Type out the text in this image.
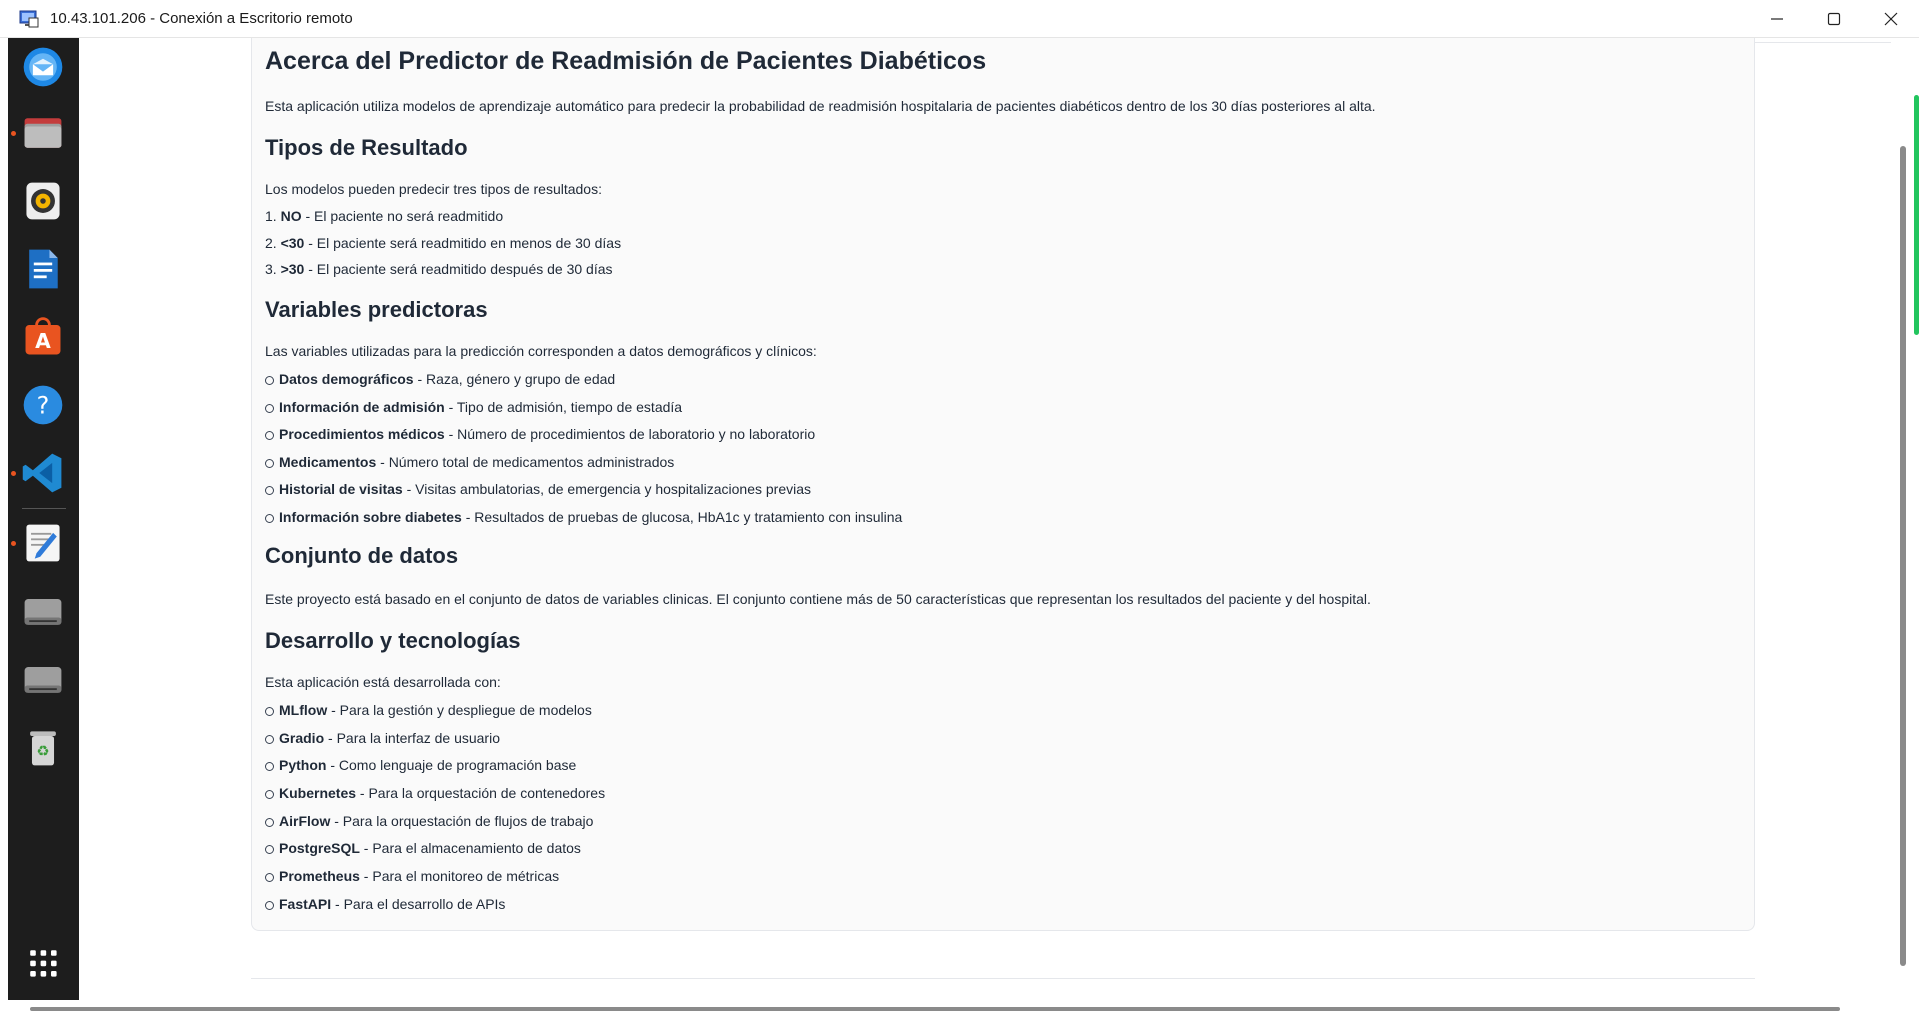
10.43.101.206 - Conexión a Escritorio remoto
A
?
♻
Acerca del Predictor de Readmisión de Pacientes Diabéticos

Esta aplicación utiliza modelos de aprendizaje automático para predecir la probabilidad de readmisión hospitalaria de pacientes diabéticos dentro de los 30 días posteriores al alta.

Tipos de Resultado

Los modelos pueden predecir tres tipos de resultados:

1. NO - El paciente no será readmitido
2. <30 - El paciente será readmitido en menos de 30 días
3. >30 - El paciente será readmitido después de 30 días
Variables predictoras

Las variables utilizadas para la predicción corresponden a datos demográficos y clínicos:

Datos demográficos - Raza, género y grupo de edad
Información de admisión - Tipo de admisión, tiempo de estadía
Procedimientos médicos - Número de procedimientos de laboratorio y no laboratorio
Medicamentos - Número total de medicamentos administrados
Historial de visitas - Visitas ambulatorias, de emergencia y hospitalizaciones previas
Información sobre diabetes - Resultados de pruebas de glucosa, HbA1c y tratamiento con insulina
Conjunto de datos

Este proyecto está basado en el conjunto de datos de variables clinicas. El conjunto contiene más de 50 características que representan los resultados del paciente y del hospital.

Desarrollo y tecnologías

Esta aplicación está desarrollada con:

MLflow - Para la gestión y despliegue de modelos
Gradio - Para la interfaz de usuario
Python - Como lenguaje de programación base
Kubernetes - Para la orquestación de contenedores
AirFlow - Para la orquestación de flujos de trabajo
PostgreSQL - Para el almacenamiento de datos
Prometheus - Para el monitoreo de métricas
FastAPI - Para el desarrollo de APIs
